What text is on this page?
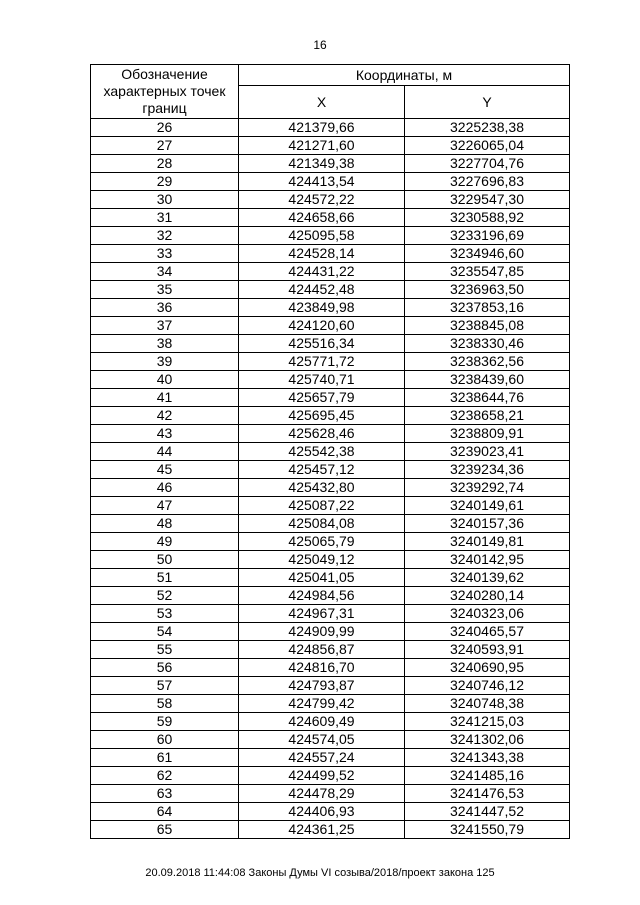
16
Обозначение характерных точек границ	Координаты, м	
	X	Y
26	421379,66	3225238,38
27	421271,60	3226065,04
28	421349,38	3227704,76
29	424413,54	3227696,83
30	424572,22	3229547,30
31	424658,66	3230588,92
32	425095,58	3233196,69
33	424528,14	3234946,60
34	424431,22	3235547,85
35	424452,48	3236963,50
36	423849,98	3237853,16
37	424120,60	3238845,08
38	425516,34	3238330,46
39	425771,72	3238362,56
40	425740,71	3238439,60
41	425657,79	3238644,76
42	425695,45	3238658,21
43	425628,46	3238809,91
44	425542,38	3239023,41
45	425457,12	3239234,36
46	425432,80	3239292,74
47	425087,22	3240149,61
48	425084,08	3240157,36
49	425065,79	3240149,81
50	425049,12	3240142,95
51	425041,05	3240139,62
52	424984,56	3240280,14
53	424967,31	3240323,06
54	424909,99	3240465,57
55	424856,87	3240593,91
56	424816,70	3240690,95
57	424793,87	3240746,12
58	424799,42	3240748,38
59	424609,49	3241215,03
60	424574,05	3241302,06
61	424557,24	3241343,38
62	424499,52	3241485,16
63	424478,29	3241476,53
64	424406,93	3241447,52
65	424361,25	3241550,79
20.09.2018 11:44:08 Законы Думы VI созыва/2018/проект закона 125
